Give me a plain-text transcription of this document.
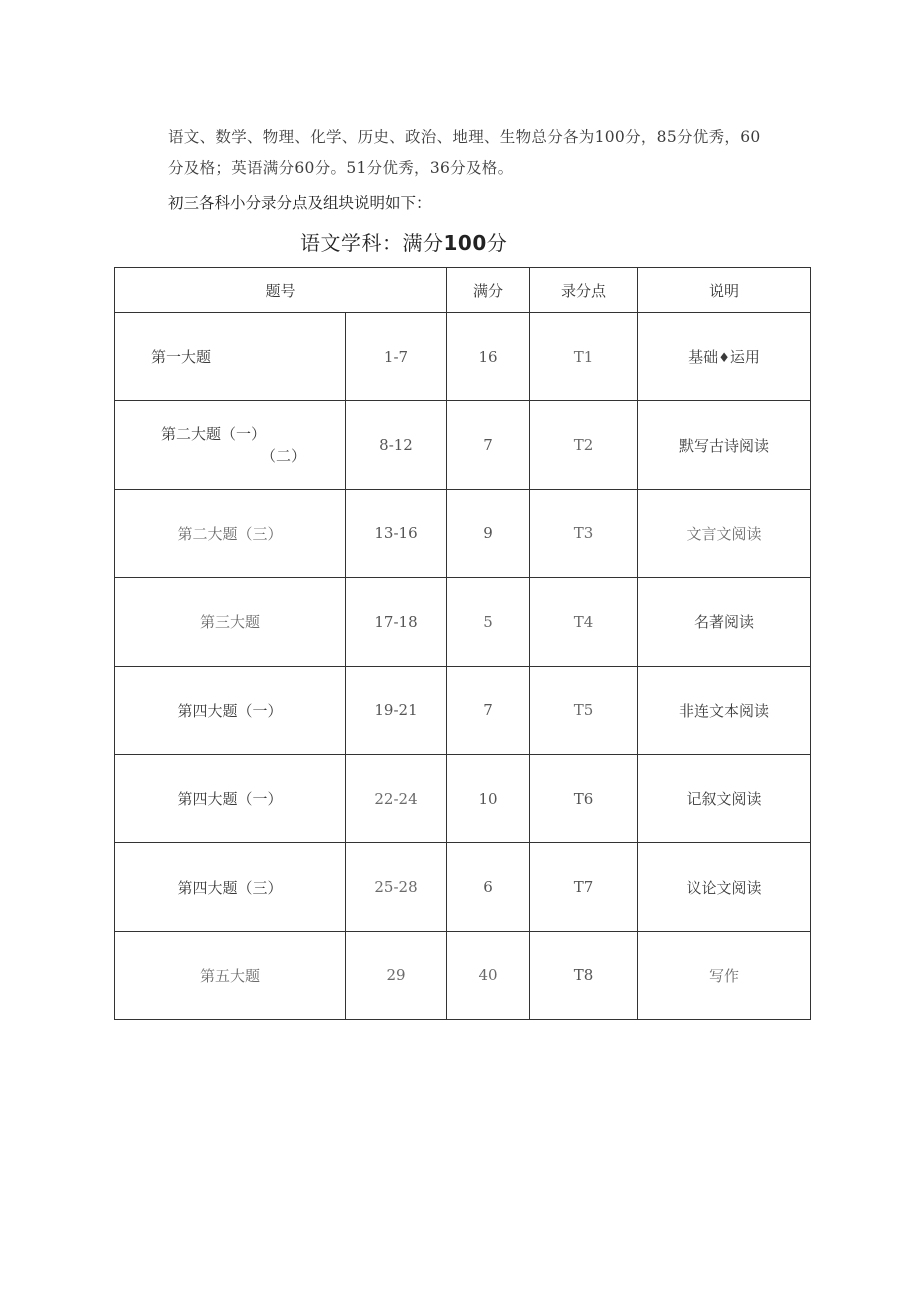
语文、数学、物理、化学、历史、政治、地理、生物总分各为100分，85分优秀，60
分及格；英语满分60分。51分优秀，36分及格。

初三各科小分录分点及组块说明如下：

语文学科：满分100分

题号		满分	录分点	说明
第一大题	1-7	16	T1	基础♦运用

第二大题（一）
（二）	8-12	7	T2	默写古诗阅读
第二大题（三）	13-16	9	T3	文言文阅读
第三大题	17-18	5	T4	名著阅读
第四大题（一）	19-21	7	T5	非连文本阅读
第四大题（一）	22-24	10	T6	记叙文阅读
第四大题（三）	25-28	6	T7	议论文阅读
第五大题	29	40	T8	写作
